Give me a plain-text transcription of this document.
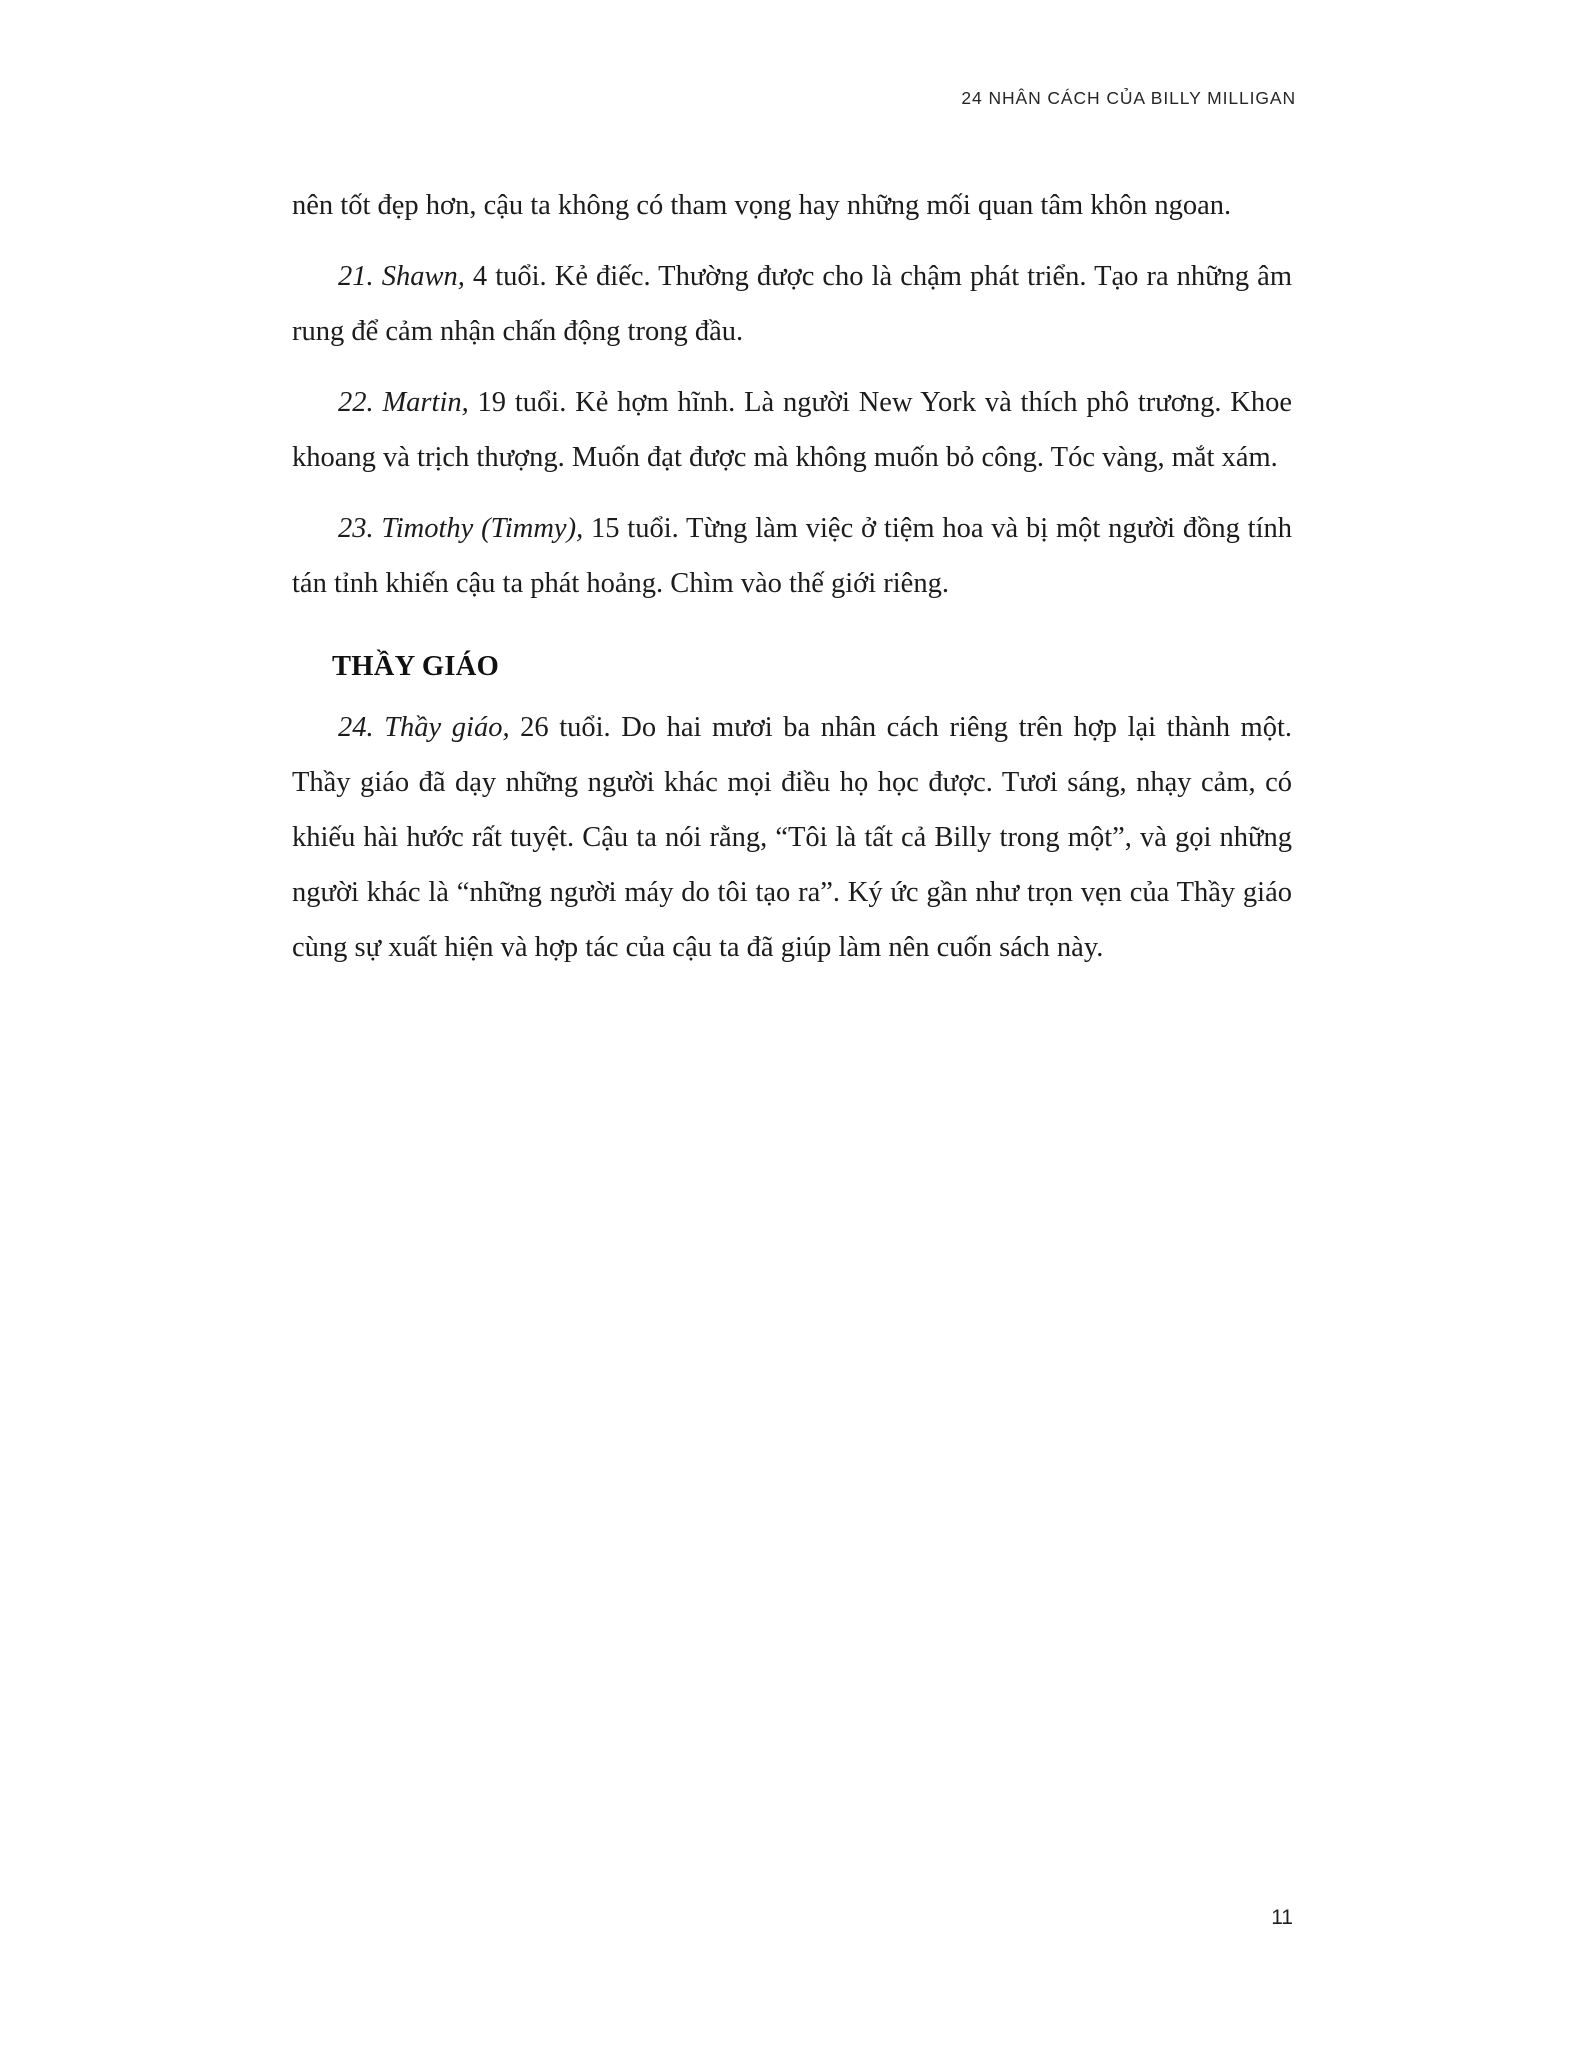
24 NHÂN CÁCH CỦA BILLY MILLIGAN

nên tốt đẹp hơn, cậu ta không có tham vọng hay những mối quan tâm khôn ngoan.

21. Shawn, 4 tuổi. Kẻ điếc. Thường được cho là chậm phát triển. Tạo ra những âm rung để cảm nhận chấn động trong đầu.

22. Martin, 19 tuổi. Kẻ hợm hĩnh. Là người New York và thích phô trương. Khoe khoang và trịch thượng. Muốn đạt được mà không muốn bỏ công. Tóc vàng, mắt xám.

23. Timothy (Timmy), 15 tuổi. Từng làm việc ở tiệm hoa và bị một người đồng tính tán tỉnh khiến cậu ta phát hoảng. Chìm vào thế giới riêng.

THẦY GIÁO

24. Thầy giáo, 26 tuổi. Do hai mươi ba nhân cách riêng trên hợp lại thành một. Thầy giáo đã dạy những người khác mọi điều họ học được. Tươi sáng, nhạy cảm, có khiếu hài hước rất tuyệt. Cậu ta nói rằng, “Tôi là tất cả Billy trong một”, và gọi những người khác là “những người máy do tôi tạo ra”. Ký ức gần như trọn vẹn của Thầy giáo cùng sự xuất hiện và hợp tác của cậu ta đã giúp làm nên cuốn sách này.

11
